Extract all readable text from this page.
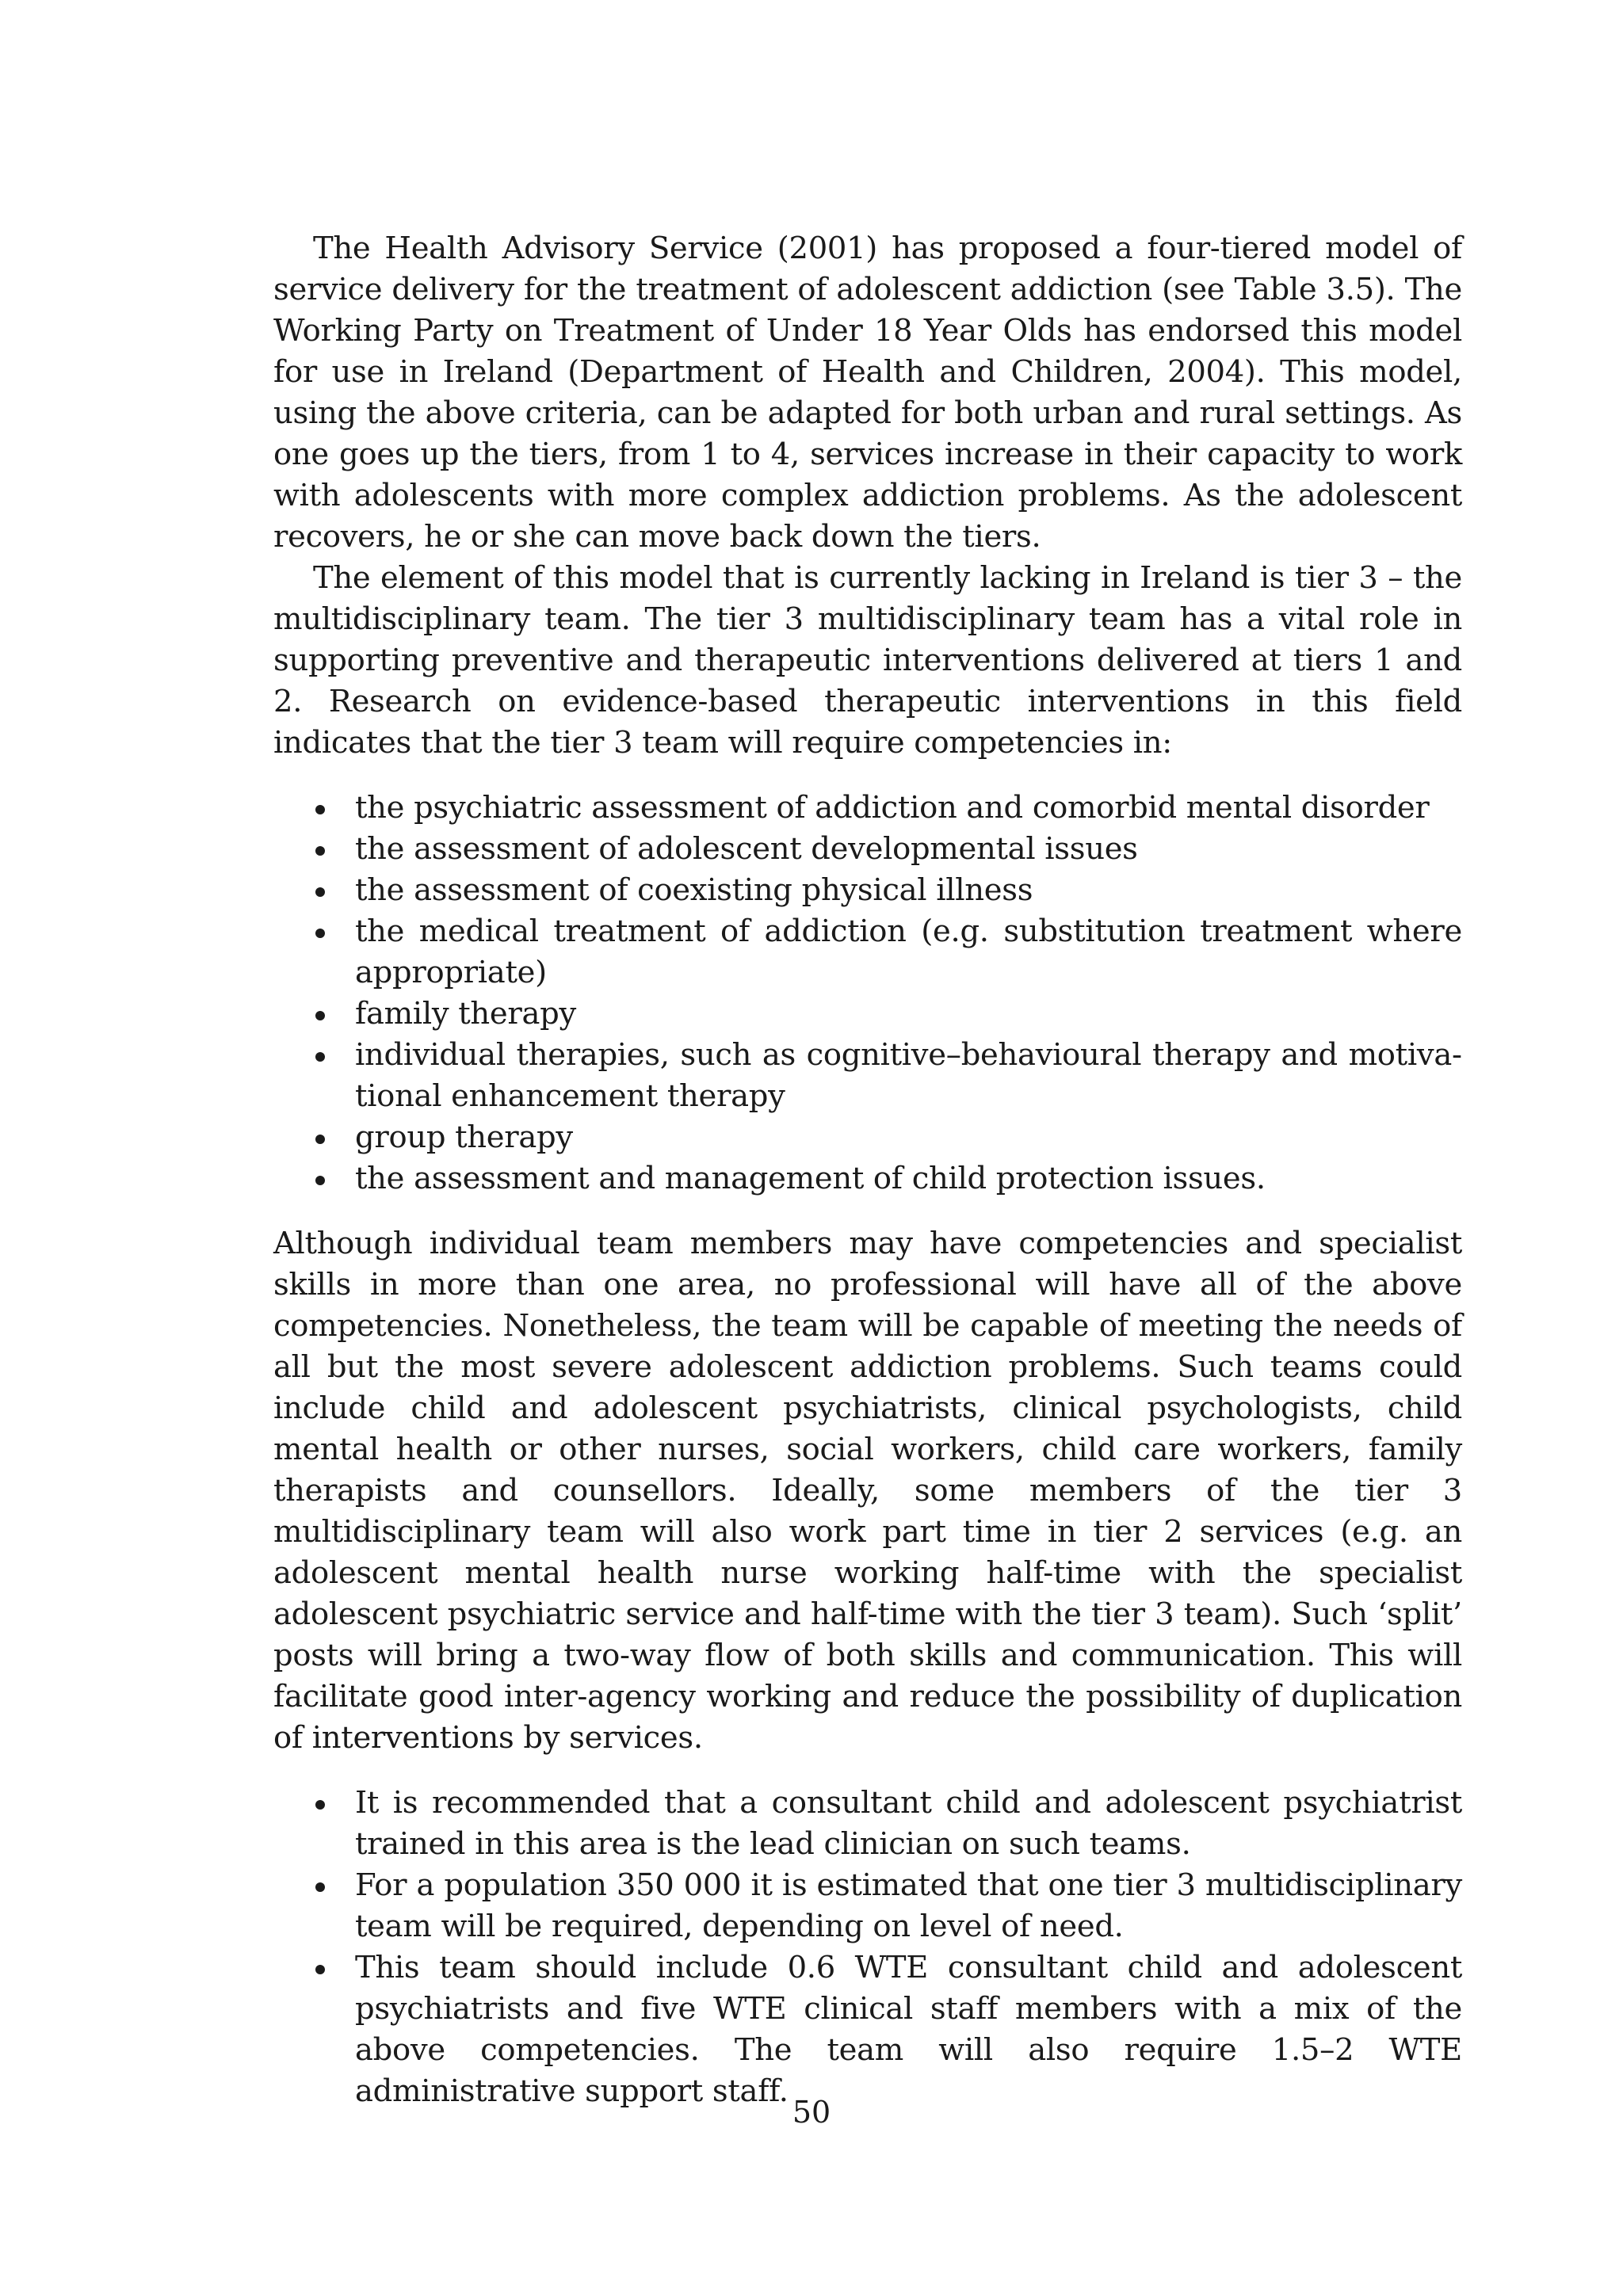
The Health Advisory Service (2001) has proposed a four-tiered model of service delivery for the treatment of adolescent addiction (see Table 3.5). The Working Party on Treatment of Under 18 Year Olds has endorsed this model for use in Ireland (Department of Health and Children, 2004). This model, using the above criteria, can be adapted for both urban and rural settings. As one goes up the tiers, from 1 to 4, services increase in their capacity to work with adolescents with more complex addiction problems. As the adolescent recovers, he or she can move back down the tiers.

The element of this model that is currently lacking in Ireland is tier 3 – the multidisciplinary team. The tier 3 multidisciplinary team has a vital role in supporting preventive and therapeutic interventions delivered at tiers 1 and 2. Research on evidence-based therapeutic interventions in this field indicates that the tier 3 team will require competencies in:

the psychiatric assessment of addiction and comorbid mental disorder
the assessment of adolescent developmental issues
the assessment of coexisting physical illness
the medical treatment of addiction (e.g. substitution treatment where appropriate)
family therapy
individual therapies, such as cognitive–behavioural therapy and motivational enhancement therapy
group therapy
the assessment and management of child protection issues.

Although individual team members may have competencies and specialist skills in more than one area, no professional will have all of the above competencies. Nonetheless, the team will be capable of meeting the needs of all but the most severe adolescent addiction problems. Such teams could include child and adolescent psychiatrists, clinical psychologists, child mental health or other nurses, social workers, child care workers, family therapists and counsellors. Ideally, some members of the tier 3 multidisciplinary team will also work part time in tier 2 services (e.g. an adolescent mental health nurse working half-time with the specialist adolescent psychiatric service and half-time with the tier 3 team). Such ‘split’ posts will bring a two-way flow of both skills and communication. This will facilitate good inter-agency working and reduce the possibility of duplication of interventions by services.

It is recommended that a consultant child and adolescent psychiatrist trained in this area is the lead clinician on such teams.
For a population 350 000 it is estimated that one tier 3 multidisciplinary team will be required, depending on level of need.
This team should include 0.6 WTE consultant child and adolescent psychiatrists and five WTE clinical staff members with a mix of the above competencies. The team will also require 1.5–2 WTE administrative support staff.
50
